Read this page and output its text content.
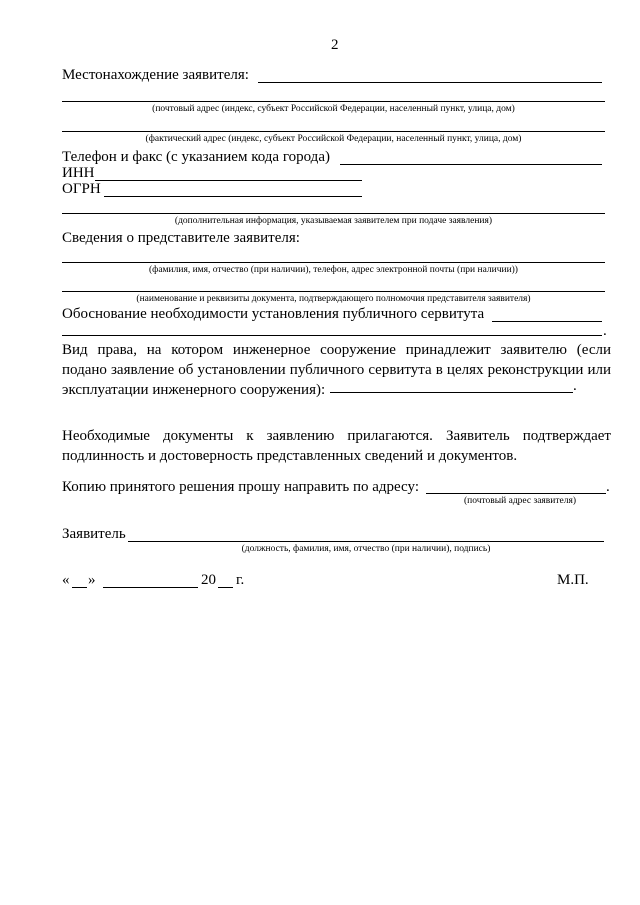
2
Местонахождение заявителя:
(почтовый адрес (индекс, субъект Российской Федерации, населенный пункт, улица, дом)
(фактический адрес (индекс, субъект Российской Федерации, населенный пункт, улица, дом)
Телефон и факс (с указанием кода города)
ИНН
ОГРН
(дополнительная информация, указываемая заявителем при подаче заявления)
Сведения о представителе заявителя:
(фамилия, имя, отчество (при наличии), телефон, адрес электронной почты (при наличии))
(наименование и реквизиты документа, подтверждающего полномочия представителя заявителя)
Обоснование необходимости установления публичного сервитута
.
Вид права, на котором инженерное сооружение принадлежит заявителю (если подано заявление об установлении публичного сервитута в целях реконструкции или эксплуатации инженерного сооружения):	.
Необходимые документы к заявлению прилагаются. Заявитель подтверждает подлинность и достоверность представленных сведений и документов.
Копию принятого решения прошу направить по адресу:	.
(почтовый адрес заявителя)
Заявитель
(должность, фамилия, имя, отчество (при наличии), подпись)
« »	20 г.	М.П.
